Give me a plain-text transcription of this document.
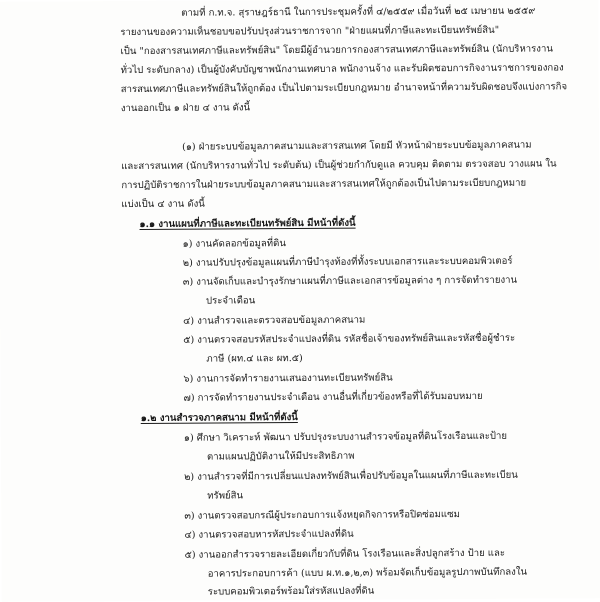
ตามที่ ก.ท.จ. สุราษฎร์ธานี ในการประชุมครั้งที่ ๔/๒๕๕๙ เมื่อวันที่ ๒๕ เมษายน ๒๕๕๙
รายงานของความเห็นชอบขอปรับปรุงส่วนราชการจาก "ฝ่ายแผนที่ภาษีและทะเบียนทรัพย์สิน"
เป็น "กองสารสนเทศภาษีและทรัพย์สิน" โดยมีผู้อำนวยการกองสารสนเทศภาษีและทรัพย์สิน (นักบริหารงาน
ทั่วไป ระดับกลาง) เป็นผู้บังคับบัญชาพนักงานเทศบาล พนักงานจ้าง และรับผิดชอบการกิจงานราชการของกอง
สารสนเทศภาษีและทรัพย์สินให้ถูกต้อง เป็นไปตามระเบียบกฎหมาย อำนาจหน้าที่ความรับผิดชอบจึงแบ่งการกิจ
งานออกเป็น ๑ ฝ่าย ๔ งาน ดังนี้
(๑) ฝ่ายระบบข้อมูลภาคสนามและสารสนเทศ โดยมี หัวหน้าฝ่ายระบบข้อมูลภาคสนาม
และสารสนเทศ (นักบริหารงานทั่วไป ระดับต้น) เป็นผู้ช่วยกำกับดูแล ควบคุม ติดตาม ตรวจสอบ วางแผน ใน
การปฏิบัติราชการในฝ่ายระบบข้อมูลภาคสนามและสารสนเทศให้ถูกต้องเป็นไปตามระเบียบกฎหมาย
แบ่งเป็น ๔ งาน ดังนี้
๑.๑ งานแผนที่ภาษีและทะเบียนทรัพย์สิน มีหน้าที่ดังนี้
๑) งานคัดลอกข้อมูลที่ดิน
๒) งานปรับปรุงข้อมูลแผนที่ภาษีบำรุงท้องที่ทั้งระบบเอกสารและระบบคอมพิวเตอร์
๓) งานจัดเก็บและบำรุงรักษาแผนที่ภาษีและเอกสารข้อมูลต่าง ๆ การจัดทำรายงาน
ประจำเดือน
๔) งานสำรวจและตรวจสอบข้อมูลภาคสนาม
๕) งานตรวจสอบรหัสประจำแปลงที่ดิน รหัสชื่อเจ้าของทรัพย์สินและรหัสชื่อผู้ชำระ
ภาษี (ผท.๔ และ ผท.๕)
๖) งานการจัดทำรายงานเสนองานทะเบียนทรัพย์สิน
๗) การจัดทำรายงานประจำเดือน งานอื่นที่เกี่ยวข้องหรือที่ได้รับมอบหมาย
๑.๒ งานสำรวจภาคสนาม มีหน้าที่ดังนี้
๑) ศึกษา วิเคราะห์ พัฒนา ปรับปรุงระบบงานสำรวจข้อมูลที่ดินโรงเรือนและป้าย
ตามแผนปฏิบัติงานให้มีประสิทธิภาพ
๒) งานสำรวจที่มีการเปลี่ยนแปลงทรัพย์สินเพื่อปรับข้อมูลในแผนที่ภาษีและทะเบียน
ทรัพย์สิน
๓) งานตรวจสอบกรณีผู้ประกอบการแจ้งหยุดกิจการหรือปิดซ่อมแซม
๔) งานตรวจสอบหารหัสประจำแปลงที่ดิน
๕) งานออกสำรวจรายละเอียดเกี่ยวกับที่ดิน โรงเรือนและสิ่งปลูกสร้าง ป้าย และ
อาคารประกอบการค้า (แบบ ผ.ท.๑,๒,๓) พร้อมจัดเก็บข้อมูลรูปภาพบันทึกลงใน
ระบบคอมพิวเตอร์พร้อมใส่รหัสแปลงที่ดิน
